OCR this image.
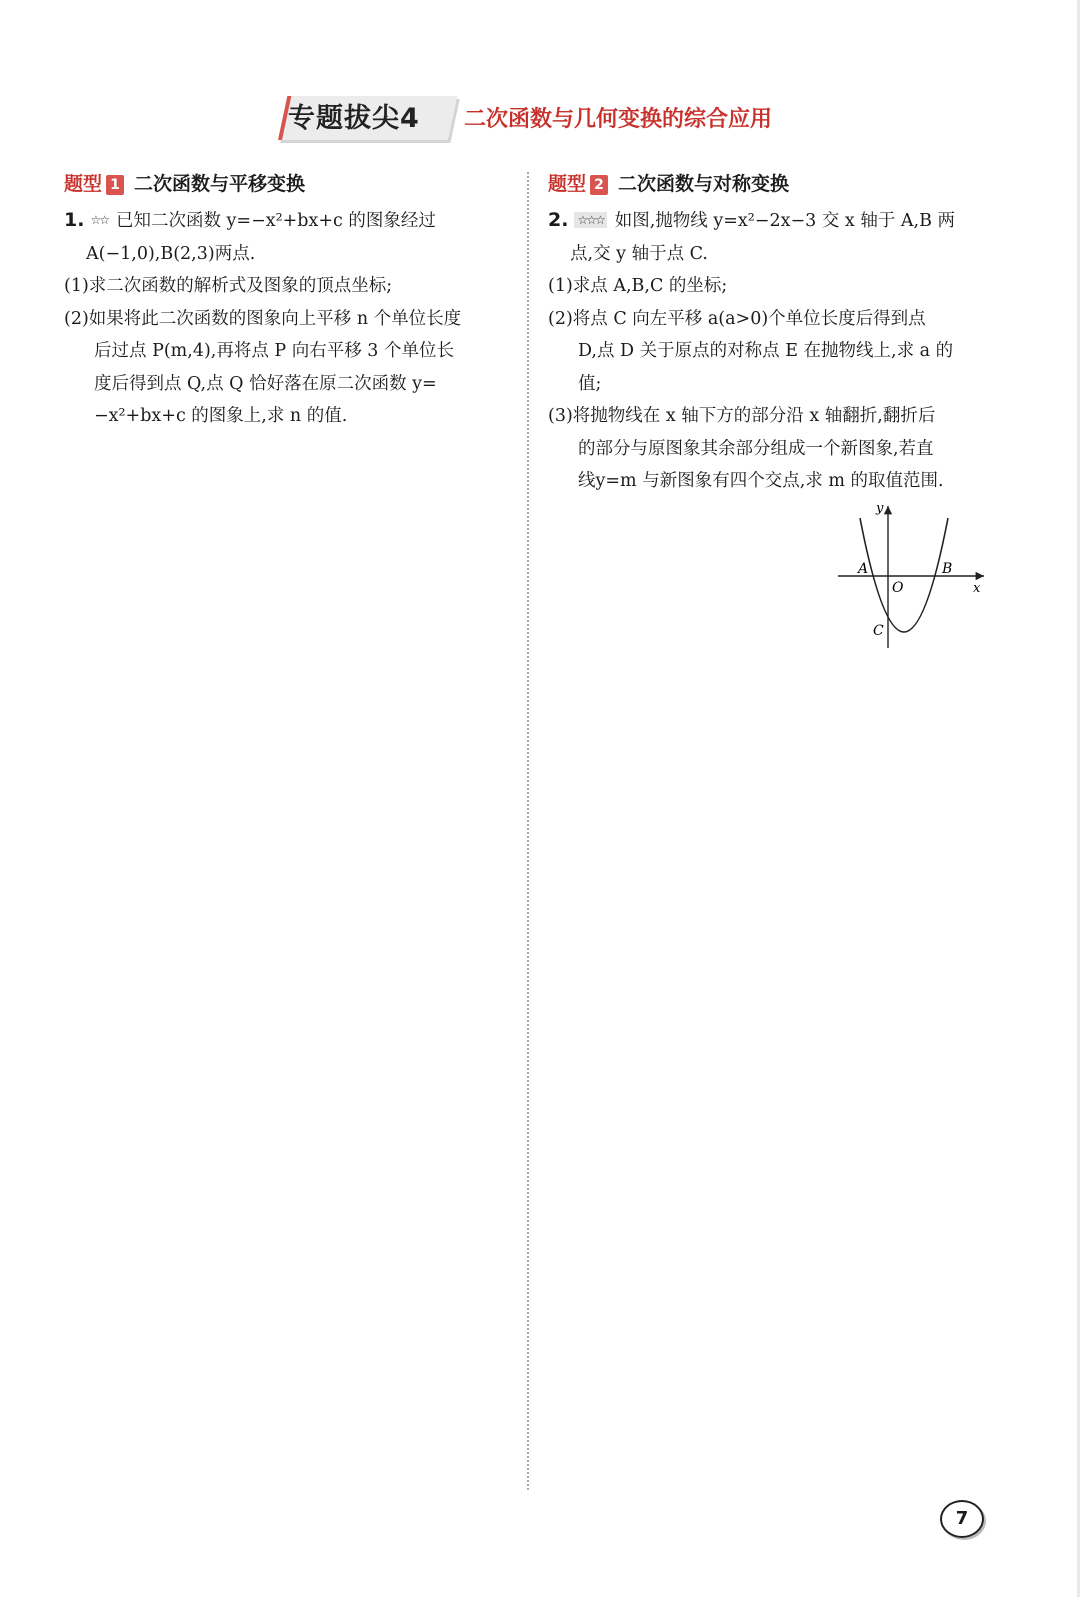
专题拔尖4	二次函数与几何变换的综合应用
题型 1 二次函数与平移变换
1. ☆☆ 已知二次函数 y=−x²+bx+c 的图象经过
A(−1,0),B(2,3)两点.
(1)求二次函数的解析式及图象的顶点坐标;
(2)如果将此二次函数的图象向上平移 n 个单位长度
后过点 P(m,4),再将点 P 向右平移 3 个单位长
度后得到点 Q,点 Q 恰好落在原二次函数 y=
−x²+bx+c 的图象上,求 n 的值.
题型 2 二次函数与对称变换
2. ☆☆☆ 如图,抛物线 y=x²−2x−3 交 x 轴于 A,B 两
点,交 y 轴于点 C.
(1)求点 A,B,C 的坐标;
(2)将点 C 向左平移 a(a>0)个单位长度后得到点
D,点 D 关于原点的对称点 E 在抛物线上,求 a 的
值;
(3)将抛物线在 x 轴下方的部分沿 x 轴翻折,翻折后
的部分与原图象其余部分组成一个新图象,若直
线y=m 与新图象有四个交点,求 m 的取值范围.
y
x
A	B
O
C
7
